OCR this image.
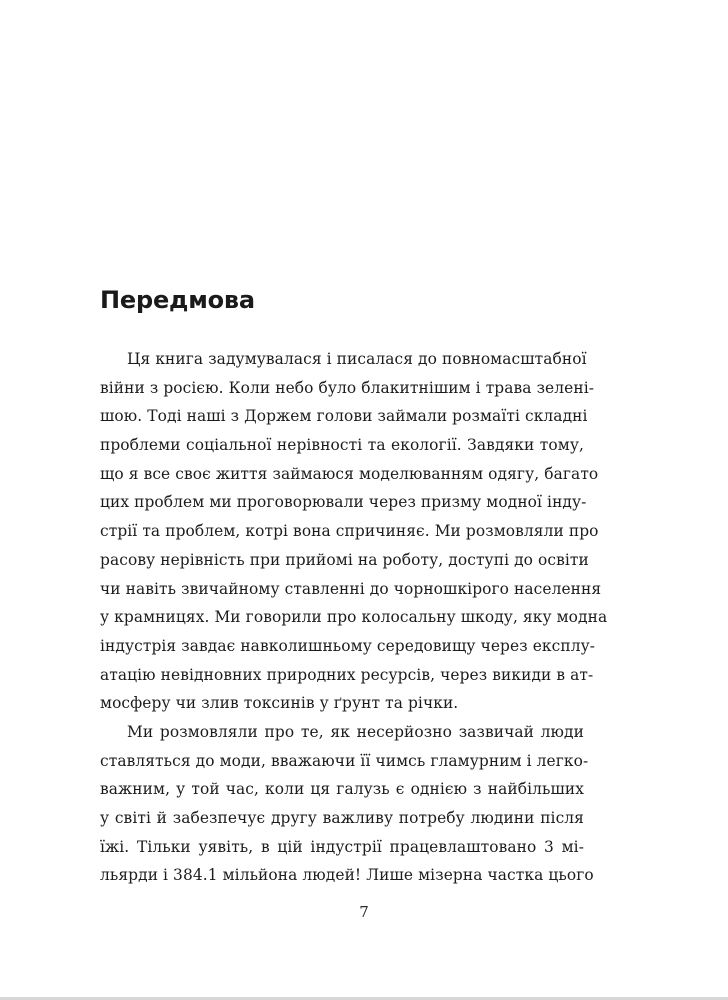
Передмова
Ця книга задумувалася і писалася до повномасштабної
війни з росією. Коли небо було блакитнішим і трава зелені-
шою. Тоді наші з Доржем голови займали розмаїті складні
проблеми соціальної нерівності та екології. Завдяки тому,
що я все своє життя займаюся моделюванням одягу, багато
цих проблем ми проговорювали через призму модної інду-
стрії та проблем, котрі вона спричиняє. Ми розмовляли про
расову нерівність при прийомі на роботу, доступі до освіти
чи навіть звичайному ставленні до чорношкірого населення
у крамницях. Ми говорили про колосальну шкоду, яку модна
індустрія завдає навколишньому середовищу через експлу-
атацію невідновних природних ресурсів, через викиди в ат-
мосферу чи злив токсинів у ґрунт та річки.
Ми розмовляли про те, як несерйозно зазвичай люди
ставляться до моди, вважаючи її чимсь гламурним і легко-
важним, у той час, коли ця галузь є однією з найбільших
у світі й забезпечує другу важливу потребу людини після
їжі. Тільки уявіть, в цій індустрії працевлаштовано 3 мі-
льярди і 384.1 мільйона людей! Лише мізерна частка цього
7
